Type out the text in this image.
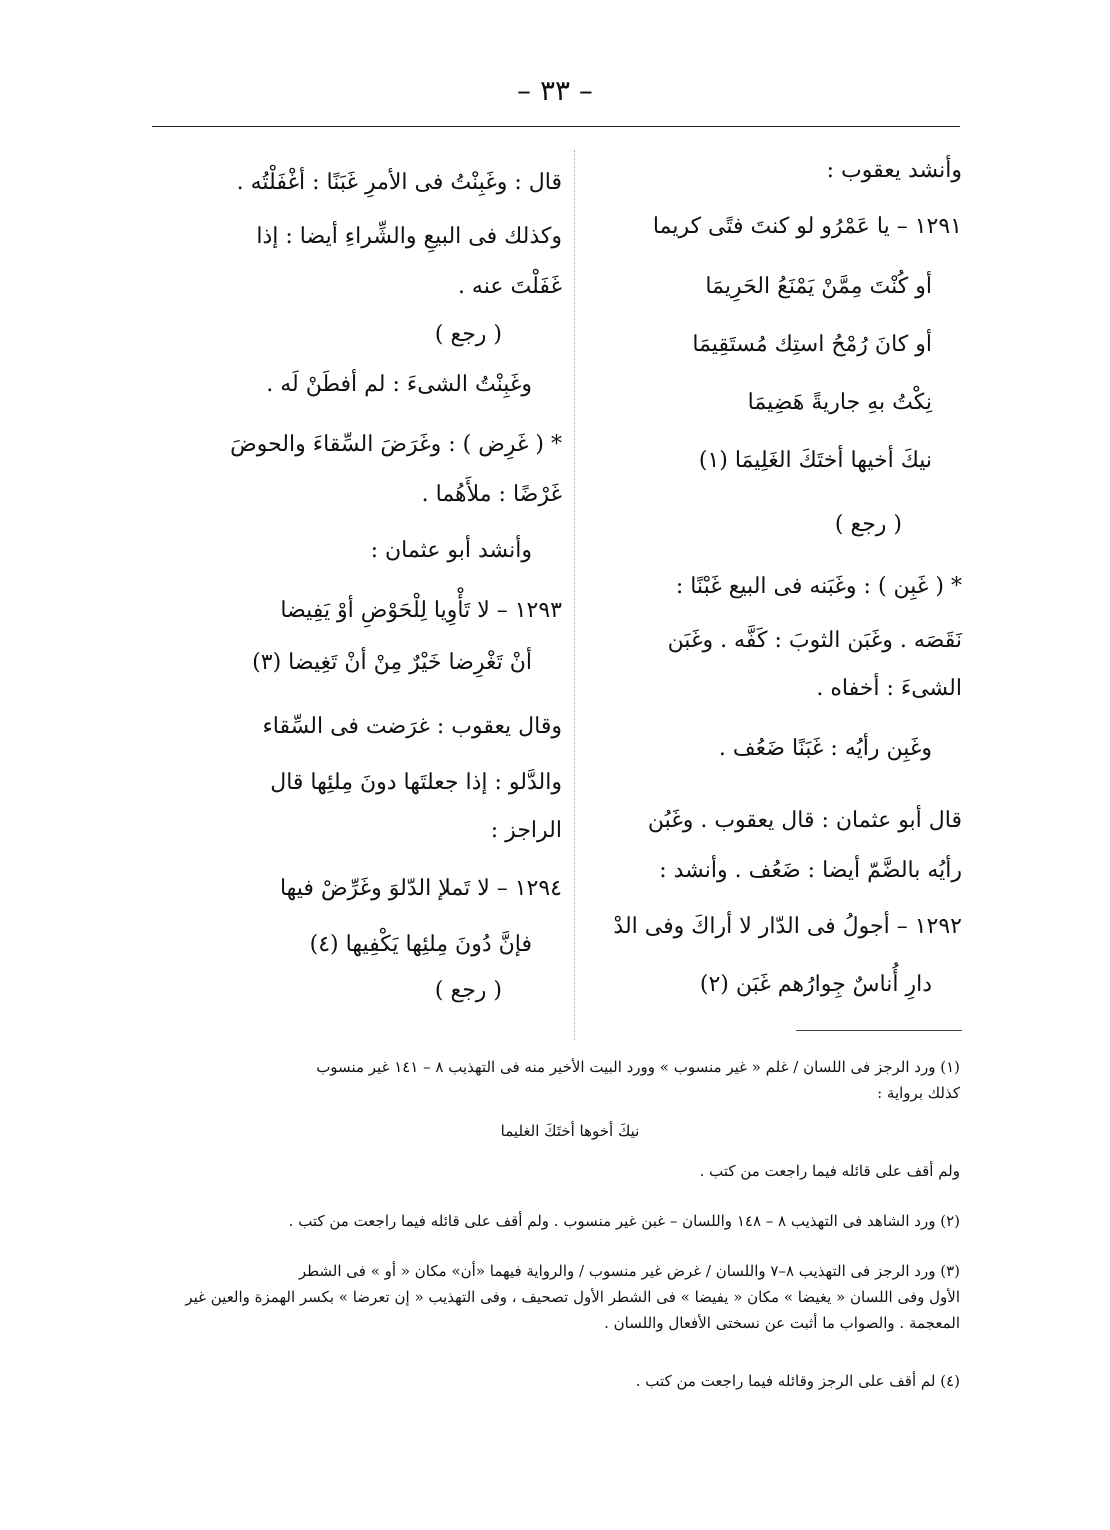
– ٣٣ –
وأنشد يعقوب :
١٢٩١ – يا عَمْرُو لو كنتَ فتًى كريما
أو كُنْتَ مِمَّنْ يَمْنَعُ الحَرِيمَا
أو كانَ رُمْحُ استِك مُستَقِيمَا
نِكْتُ بهِ جاريةً هَضِيمَا
نيكَ أخيها أختَكَ الغَلِيمَا (١)
( رجع )
* ( غَبِن ) : وغَبَنه فى البيع غَبْنًا :
نَقَصَه . وغَبَن الثوبَ : كَفَّه . وغَبَن
الشىءَ : أخفاه .
وغَبِن رأيُه : غَبَنًا ضَعُف .
قال أبو عثمان : قال يعقوب . وغَبُن
رأيُه بالضَّمّ أيضا : ضَعُف . وأنشد :
١٢٩٢ – أجولُ فى الدّار لا أراكَ وفى الدْ
دارِ أُناسٌ جِوارُهم غَبَن (٢)
قال : وغَبِنْتُ فى الأمرِ غَبَنًا : أغْفَلْتُه .
وكذلك فى البيعِ والشِّراءِ أيضا : إذا
غَفَلْتَ عنه .
( رجع )
وغَبِنْتُ الشىءَ : لم أفطَنْ لَه .
* ( غَرِض ) : وغَرَضَ السِّقاءَ والحوضَ
غَرْضًا : ملأَهُما .
وأنشد أبو عثمان :
١٢٩٣ – لا تَأْوِيا لِلْحَوْضِ أوْ يَفِيضا
أنْ تَغْرِضا خَيْرٌ مِنْ أنْ تَغِيضا (٣)
وقال يعقوب : غرَضت فى السِّقاء
والدَّلو : إذا جعلتَها دونَ مِلئِها قال
الراجز :
١٢٩٤ – لا تَملإ الدّلوَ وغَرِّضْ فيها
فإنَّ دُونَ مِلئِها يَكْفِيها (٤)
( رجع )
(١) ورد الرجز فى اللسان / غلم « غير منسوب » وورد البيت الأخير منه فى التهذيب ٨ – ١٤١ غير منسوب
كذلك برواية :
نيكَ أخوها أختَكَ الغليما
ولم أقف على قائله فيما راجعت من كتب .
(٢) ورد الشاهد فى التهذيب ٨ – ١٤٨ واللسان – غبن غير منسوب . ولم أقف على قائله فيما راجعت من كتب .
(٣) ورد الرجز فى التهذيب ٨–٧ واللسان / غرض غير منسوب / والرواية فيهما «أن» مكان « أو » فى الشطر
الأول وفى اللسان « يغيضا » مكان « يفيضا » فى الشطر الأول تصحيف ، وفى التهذيب « إن تعرضا » بكسر الهمزة والعين غير
المعجمة . والصواب ما أثبت عن نسختى الأفعال واللسان .
(٤) لم أقف على الرجز وقائله فيما راجعت من كتب .
